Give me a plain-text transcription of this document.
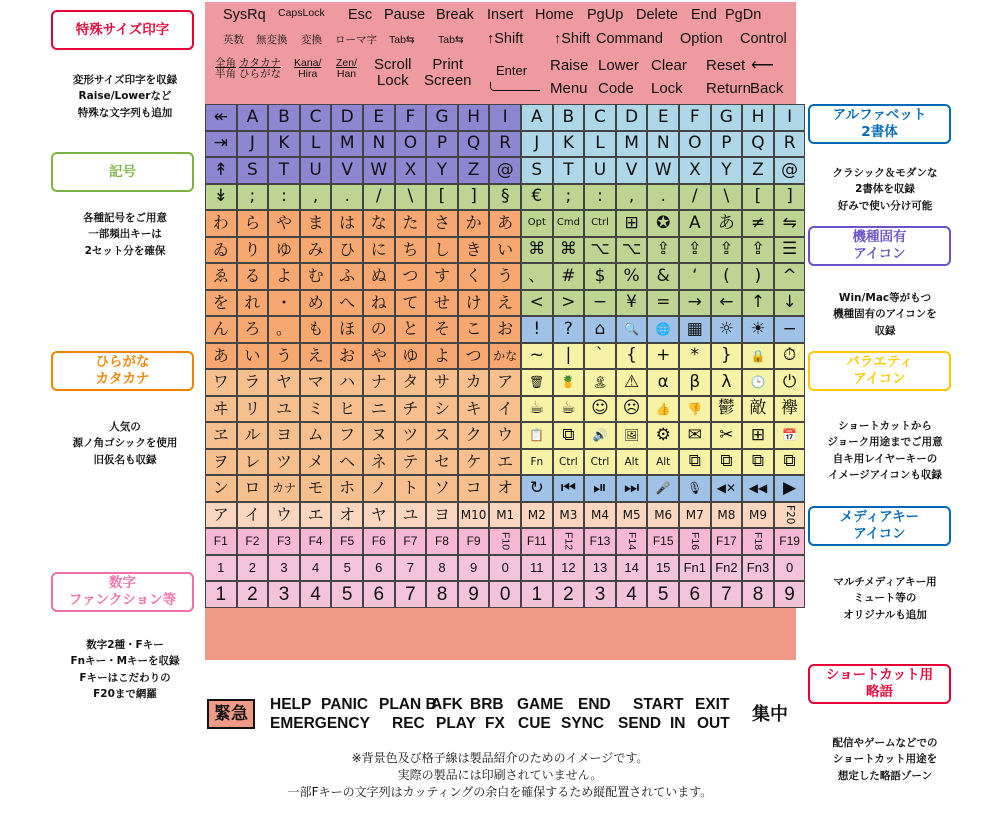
↞	A	B	C	D	E	F	G	H	I	A	B	C	D	E	F	G	H	I
⇥	J	K	L	M	N	O	P	Q	R	J	K	L	M	N	O	P	Q	R
↟	S	T	U	V	W	X	Y	Z	@	S	T	U	V	W	X	Y	Z	@
↡	;	:	,	.	/	\	[	]	§	€	;	:	,	.	/	\	[	]
わ ら や ま は な た さ か あ	Opt	Cmd	Ctrl ⊞	✪	A	あ ≠	⇋
ゐ り ゆ み ひ に ち し き い ⌘ ⌘ ⌥ ⌥ ⇪	⇪	⇪	⇪ ☰
ゑ る よ む ふ ぬ つ す く う 、 #	$	% &	‘	(	)	^
を れ ・ め へ ね て せ け え <	>	−	¥	=	→	←	↑	↓
ん ろ 。 も ほ の と そ こ お	!	?	⌂	🔍	🌐 ▦ ☼ ☀ −
あ い う え お や ゆ よ つ かな ~	|	`	{	+	*	}	🔒	⏱
ワ ラ ヤ マ ハ ナ タ サ カ ア	🗑	🍍	🏝 ⚠	α	β	λ	🕒	⏻
ヰ リ ユ ミ ヒ ニ チ シ キ イ ☕ ☕ ☺ ☹	👍	👎 鬱 敵 襷
ヱ ル ヨ ム フ ヌ ツ ス ク ウ	📋	⧉	🔊	🖼 ⚙ ✉	✂	⊞	📅
ヲ レ ツ メ ヘ ネ テ セ ケ エ	Fn	Ctrl	Ctrl	Alt	Alt	⧉	⧉	⧉	⧉
ン ロ カナ モ ホ ノ ト ソ コ オ ↻ ⏮	⏯	⏭	🎤	🎙	◀✕	◀◀ ▶
ア イ ウ エ オ ヤ ユ ヨ M10 M1	M2	M3	M4	M5	M6	M7	M8	M9	F20
F1	F2	F3	F4	F5	F6	F7	F8	F9	F10	F11	F12	F13	F14	F15	F16	F17	F18	F19
1	2	3	4	5	6	7	8	9	0	11	12	13	14	15	Fn1 Fn2 Fn3	0
1	2	3	4	5	6	7	8	9	0	1	2	3	4	5	6	7	8	9
SysRq CapsLock Esc Pause Break Insert Home PgUp Delete End PgDn
英数 無変換 変換 ローマ字 Tab⇆ Tab⇆ ↑Shift ↑Shift Command Option Control
全角
半角
カタカナ
ひらがな
Kana/
Hira
Zen/
Han
Scroll
Lock
Print
Screen
Enter Raise
Menu
Lower
Code
Clear
Lock
Reset
Return
Back
⟵
緊急	集中
HELP PANIC PLAN B
AFK BRB GAME END START EXIT
EMERGENCY REC PLAY FX CUE SYNC SEND IN OUT
特殊サイズ印字
変形サイズ印字を収録
Raise/Lowerなど
特殊な文字列も追加
記号
各種記号をご用意
一部頻出キーは
2セット分を確保
ひらがな
カタカナ
人気の
源ノ角ゴシックを使用
旧仮名も収録
数字
ファンクション等
数字2種・Fキー
Fnキー・Mキーを収録
Fキーはこだわりの
F20まで網羅
アルファベット
2書体
クラシック＆モダンな
2書体を収録
好みで使い分け可能
機種固有
アイコン
Win/Mac等がもつ
機種固有のアイコンを
収録
バラエティ
アイコン
ショートカットから
ジョーク用途までご用意
自キ用レイヤーキーの
イメージアイコンも収録
メディアキー
アイコン
マルチメディアキー用
ミュート等の
オリジナルも追加
ショートカット用
略語
配信やゲームなどでの
ショートカット用途を
想定した略語ゾーン
※背景色及び格子線は製品紹介のためのイメージです。
実際の製品には印刷されていません。
一部Fキーの文字列はカッティングの余白を確保するため縦配置されています。
